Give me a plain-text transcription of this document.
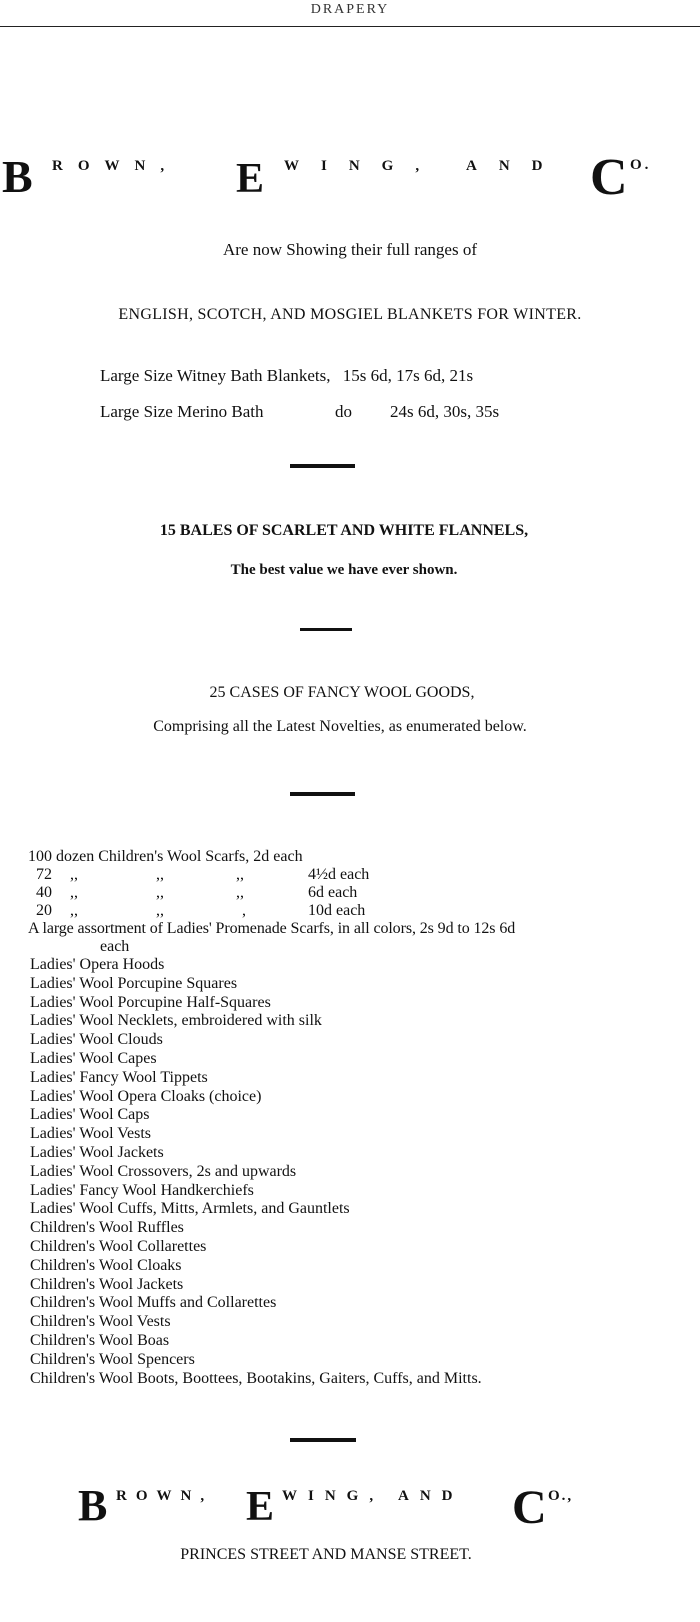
DRAPERY
B ROWN, E WING, AND C O.
Are now Showing their full ranges of
ENGLISH, SCOTCH, AND MOSGIEL BLANKETS FOR WINTER.
Large Size Witney Bath Blankets, 15s 6d, 17s 6d, 21s
Large Size Merino Bath	do 24s 6d, 30s, 35s
15 BALES OF SCARLET AND WHITE FLANNELS,
The best value we have ever shown.
25 CASES OF FANCY WOOL GOODS,
Comprising all the Latest Novelties, as enumerated below.
100 dozen Children's Wool Scarfs, 2d each
72 ,,	,,	,,	4½d each
40 ,,	,,	,,	6d each
20 ,,	,,	,	10d each
A large assortment of Ladies' Promenade Scarfs, in all colors, 2s 9d to 12s 6d
each
Ladies' Opera Hoods
Ladies' Wool Porcupine Squares
Ladies' Wool Porcupine Half-Squares
Ladies' Wool Necklets, embroidered with silk
Ladies' Wool Clouds
Ladies' Wool Capes
Ladies' Fancy Wool Tippets
Ladies' Wool Opera Cloaks (choice)
Ladies' Wool Caps
Ladies' Wool Vests
Ladies' Wool Jackets
Ladies' Wool Crossovers, 2s and upwards
Ladies' Fancy Wool Handkerchiefs
Ladies' Wool Cuffs, Mitts, Armlets, and Gauntlets
Children's Wool Ruffles
Children's Wool Collarettes
Children's Wool Cloaks
Children's Wool Jackets
Children's Wool Muffs and Collarettes
Children's Wool Vests
Children's Wool Boas
Children's Wool Spencers
Children's Wool Boots, Boottees, Bootakins, Gaiters, Cuffs, and Mitts.
B ROWN, E WING, AND C O.,
PRINCES STREET AND MANSE STREET.
